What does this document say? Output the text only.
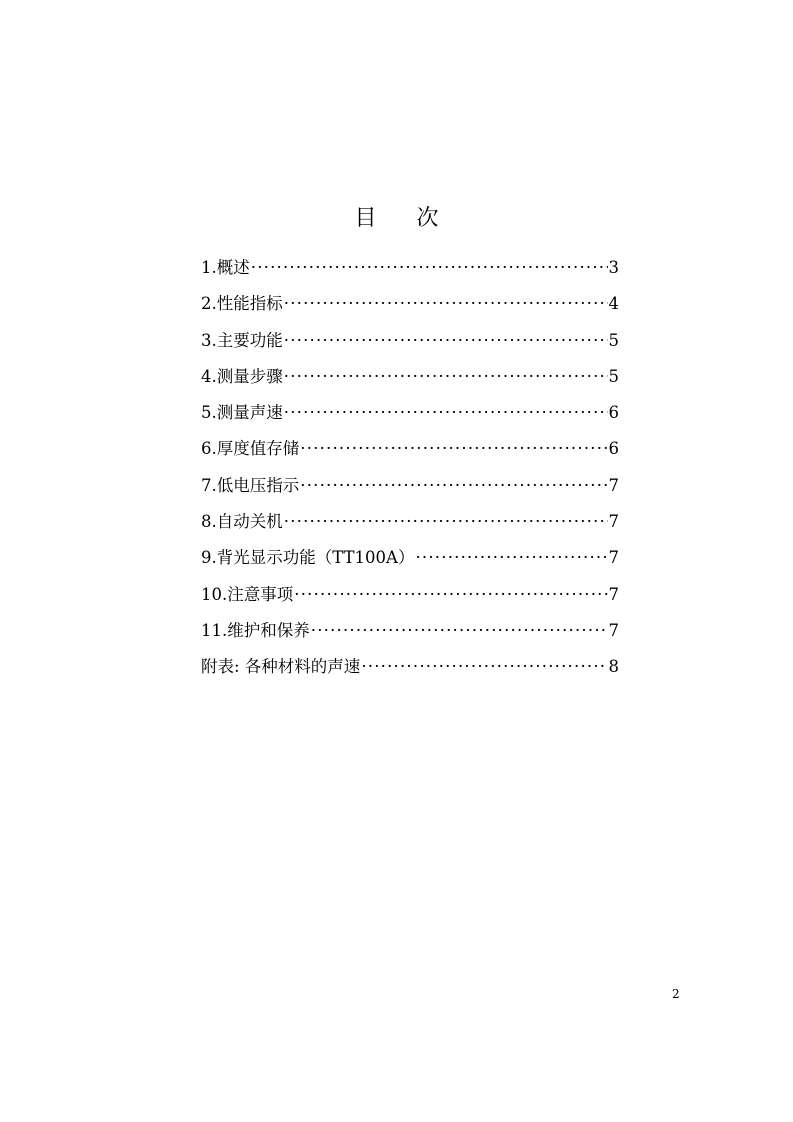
目 次
1.概述 ·····	3
2.性能指标 ·····	4
3.主要功能 ·····	5
4.测量步骤 ·····	5
5.测量声速 ·····	6
6.厚度值存储 ·····	6
7.低电压指示 ·····	7
8.自动关机 ·····	7
9.背光显示功能（TT100A） ·····	7
10.注意事项 ·····	7
11.维护和保养 ·····	7
附表: 各种材料的声速 ·····	8
2
